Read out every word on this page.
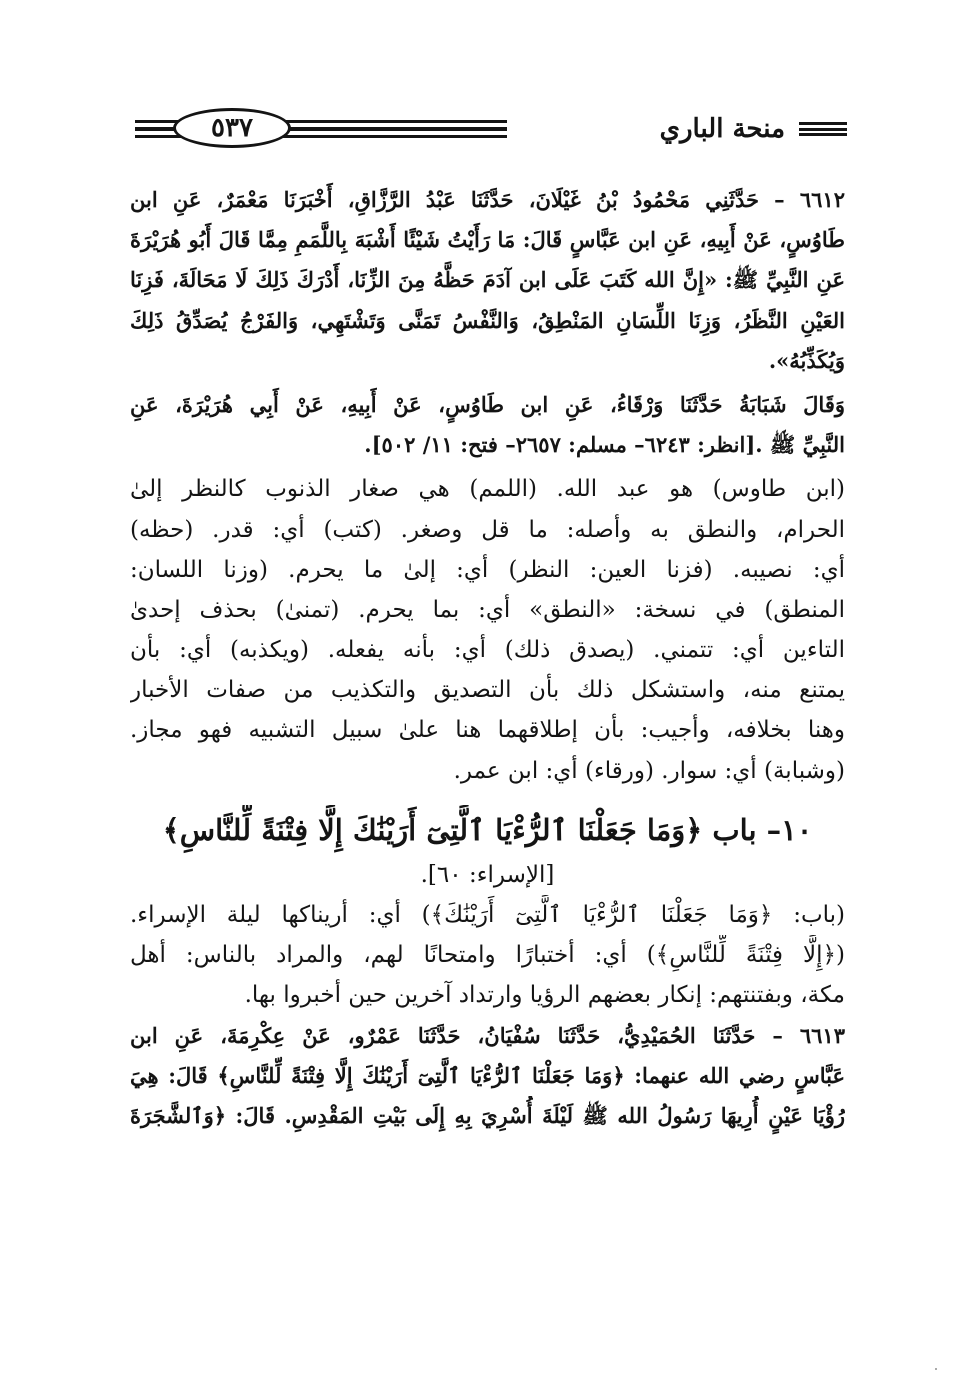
منحة الباري
٥٣٧
٦٦١٢ – حَدَّثَنِي مَحْمُودُ بْنُ غَيْلَانَ، حَدَّثَنَا عَبْدُ الرَّزَّاقِ، أَخْبَرَنَا مَعْمَرٌ، عَنِ ابن
طَاوُسٍ، عَنْ أَبِيهِ، عَنِ ابن عَبَّاسٍ قَالَ: مَا رَأَيْتُ شَيْئًا أَشْبَهَ بِاللَّمَمِ مِمَّا قَالَ أَبُو هُرَيْرَةَ
عَنِ النَّبِيِّ ﷺ: «إِنَّ الله كَتَبَ عَلَى ابن آدَمَ حَظَّهُ مِنَ الزِّنَا، أَدْرَكَ ذَلِكَ لَا مَحَالَةَ، فَزِنَا
العَيْنِ النَّظَرُ، وَزِنَا اللِّسَانِ المَنْطِقُ، وَالنَّفْسُ تَمَنَّى وَتَشْتَهِي، وَالفَرْجُ يُصَدِّقُ ذَلِكَ
وَيُكَذِّبُهُ».
وَقَالَ شَبَابَةُ حَدَّثَنَا وَرْقَاءُ، عَنِ ابن طَاوُسٍ، عَنْ أَبِيهِ، عَنْ أَبِي هُرَيْرَةَ، عَنِ
النَّبِيِّ ﷺ .[انظر: ٦٢٤٣– مسلم: ٢٦٥٧– فتح: ١١/ ٥٠٢].
(ابن طاوس) هو عبد الله. (اللمم) هي صغار الذنوب كالنظر إلىٰ
الحرام، والنطق به وأصله: ما قل وصغر. (كتب) أي: قدر. (حظه)
أي: نصيبه. (فزنا العين: النظر) أي: إلىٰ ما يحرم. (وزنا اللسان:
المنطق) في نسخة: «النطق» أي: بما يحرم. (تمنىٰ) بحذف إحدىٰ
التاءين أي: تتمني. (يصدق ذلك) أي: بأنه يفعله. (ويكذبه) أي: بأن
يمتنع منه، واستشكل ذلك بأن التصديق والتكذيب من صفات الأخبار
وهنا بخلافه، وأجيب: بأن إطلاقهما هنا علىٰ سبيل التشبيه فهو مجاز.
(وشبابة) أي: سوار. (ورقاء) أي: ابن عمر.
١٠– باب ﴿وَمَا جَعَلْنَا ٱلرُّءْيَا ٱلَّتِىٓ أَرَيْنَٰكَ إِلَّا فِتْنَةً لِّلنَّاسِ﴾
[الإسراء: ٦٠].
(باب: ﴿وَمَا جَعَلْنَا ٱلرُّءْيَا ٱلَّتِىٓ أَرَيْنَٰكَ﴾) أي: أريناكها ليلة الإسراء.
(﴿إِلَّا فِتْنَةً لِّلنَّاسِ﴾) أي: أختبارًا وامتحانًا لهم، والمراد بالناس: أهل
مكة، وبفتنتهم: إنكار بعضهم الرؤيا وارتداد آخرين حين أخبروا بها.
٦٦١٣ – حَدَّثَنَا الحُمَيْدِيُّ، حَدَّثَنَا سُفْيَانُ، حَدَّثَنَا عَمْرٌو، عَنْ عِكْرِمَةَ، عَنِ ابن
عَبَّاسٍ رضي الله عنهما: ﴿وَمَا جَعَلْنَا ٱلرُّءْيَا ٱلَّتِىٓ أَرَيْنَٰكَ إِلَّا فِتْنَةً لِّلنَّاسِ﴾ قَالَ: هِيَ
رُؤْيَا عَيْنٍ أُرِيهَا رَسُولُ الله ﷺ لَيْلَةَ أُسْرِيَ بِهِ إِلَى بَيْتِ المَقْدِسِ. قَالَ: ﴿وَٱلشَّجَرَةَ
